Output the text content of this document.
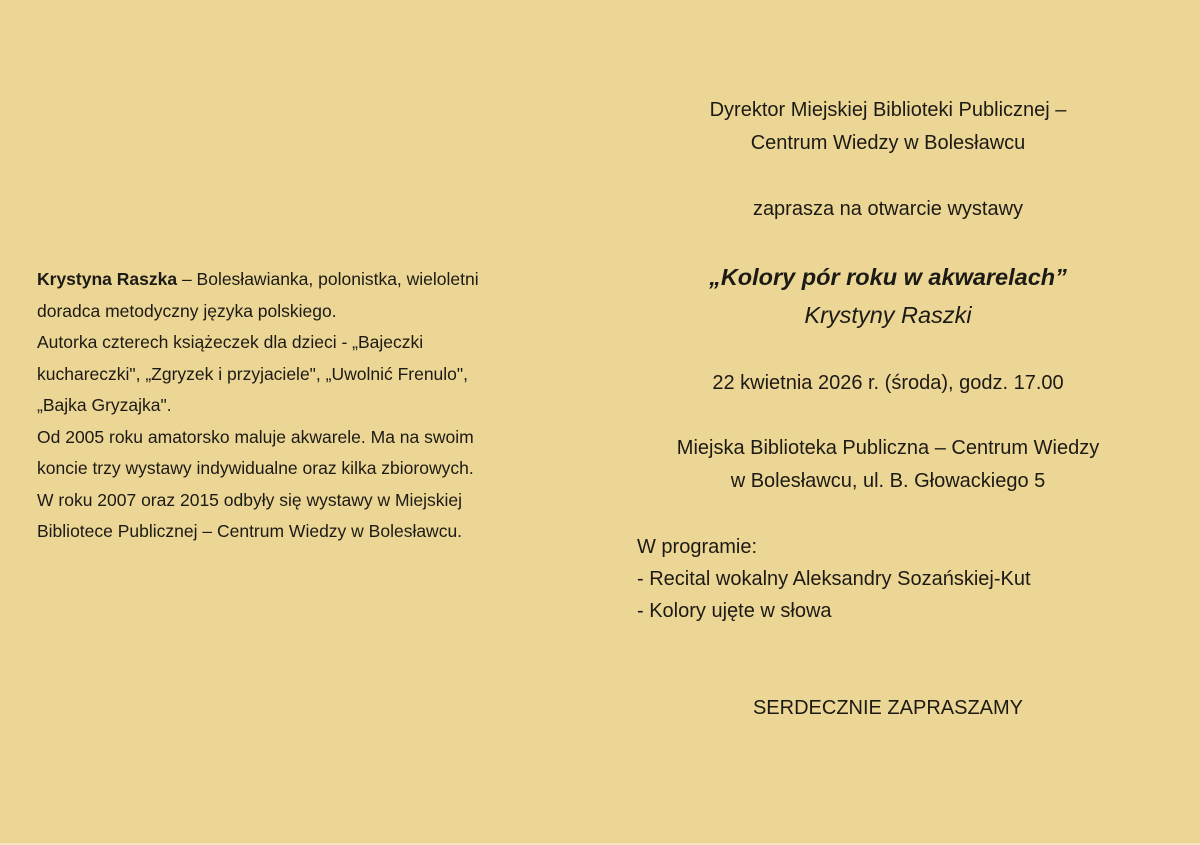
Krystyna Raszka – Bolesławianka, polonistka, wieloletni

doradca metodyczny języka polskiego.

Autorka czterech książeczek dla dzieci - „Bajeczki

kuchareczki", „Zgryzek i przyjaciele", „Uwolnić Frenulo",

„Bajka Gryzajka".

Od 2005 roku amatorsko maluje akwarele. Ma na swoim

koncie trzy wystawy indywidualne oraz kilka zbiorowych.

W roku 2007 oraz 2015 odbyły się wystawy w Miejskiej

Bibliotece Publicznej – Centrum Wiedzy w Bolesławcu.

Dyrektor Miejskiej Biblioteki Publicznej –
Centrum Wiedzy w Bolesławcu
zaprasza na otwarcie wystawy
„Kolory pór roku w akwarelach”
Krystyny Raszki
22 kwietnia 2026 r. (środa), godz. 17.00
Miejska Biblioteka Publiczna – Centrum Wiedzy
w Bolesławcu, ul. B. Głowackiego 5
W programie:
- Recital wokalny Aleksandry Sozańskiej-Kut
- Kolory ujęte w słowa
SERDECZNIE ZAPRASZAMY
